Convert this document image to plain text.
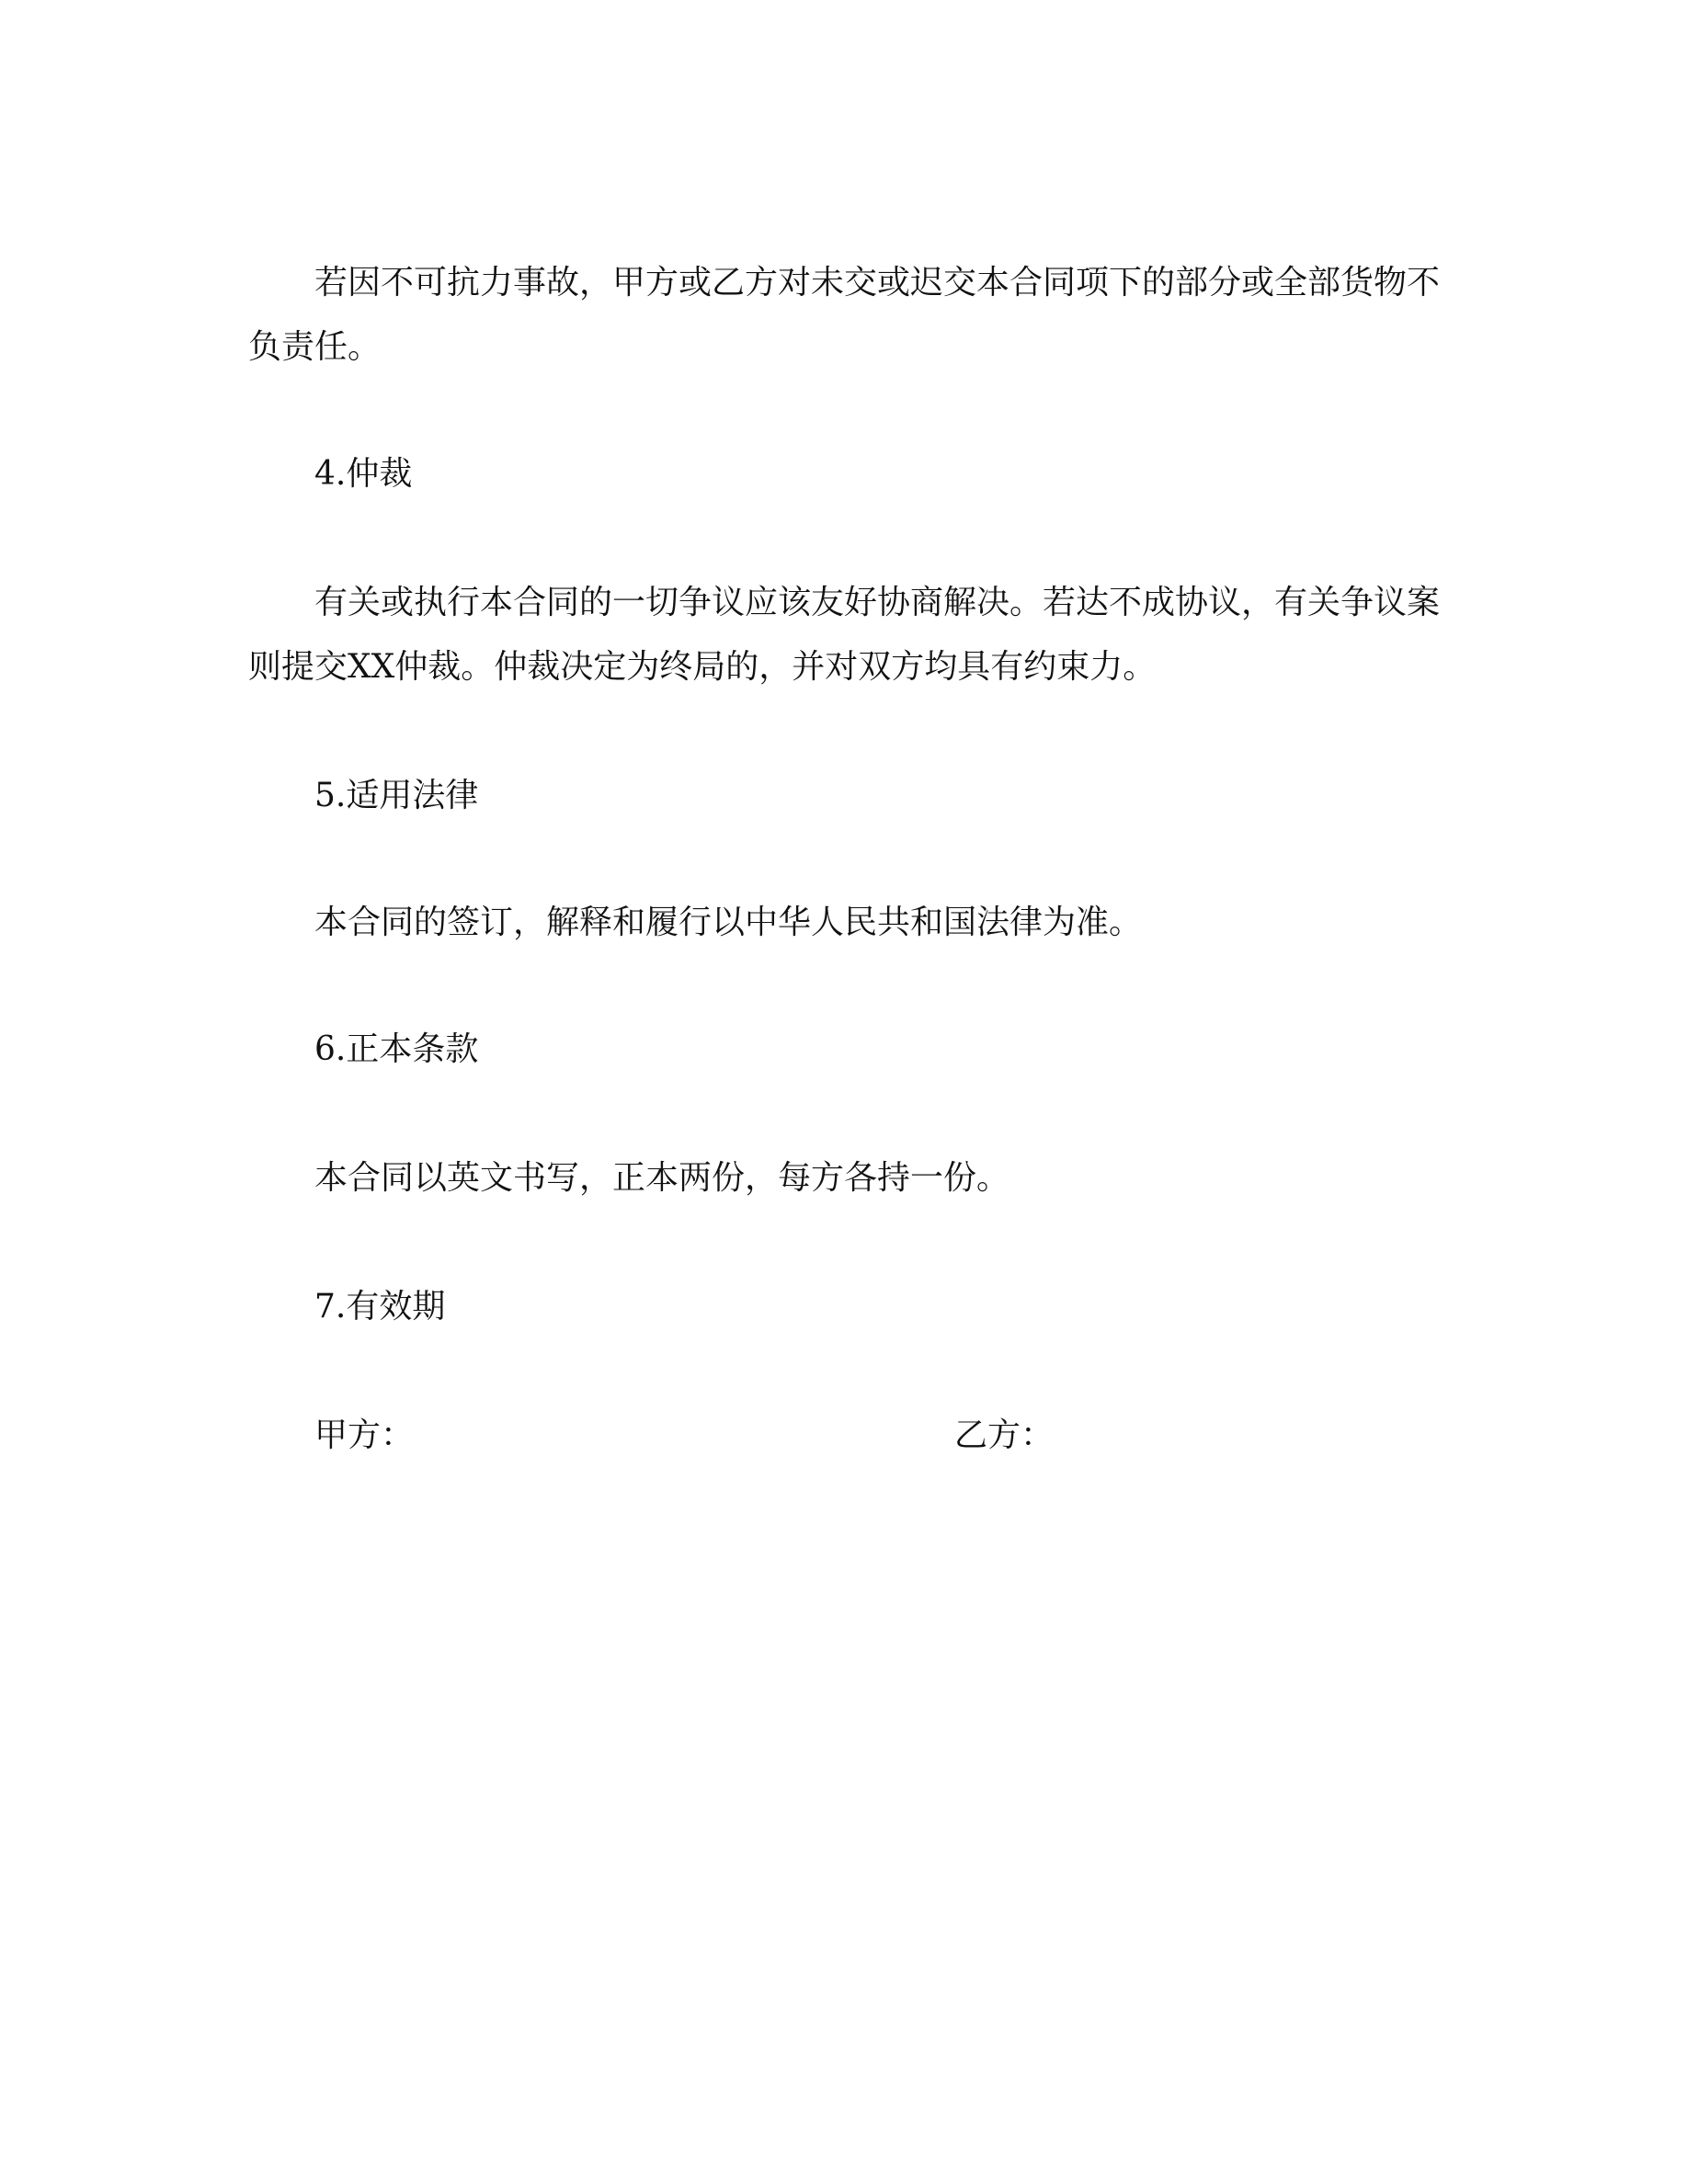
若因不可抗力事故，甲方或乙方对未交或迟交本合同项下的部分或全部货物不
负责任。
4.仲裁
有关或执行本合同的一切争议应该友好协商解决。若达不成协议，有关争议案
则提交XX仲裁。仲裁决定为终局的，并对双方均具有约束力。
5.适用法律
本合同的签订，解释和履行以中华人民共和国法律为准。
6.正本条款
本合同以英文书写，正本两份，每方各持一份。
7.有效期
甲方：	乙方：
